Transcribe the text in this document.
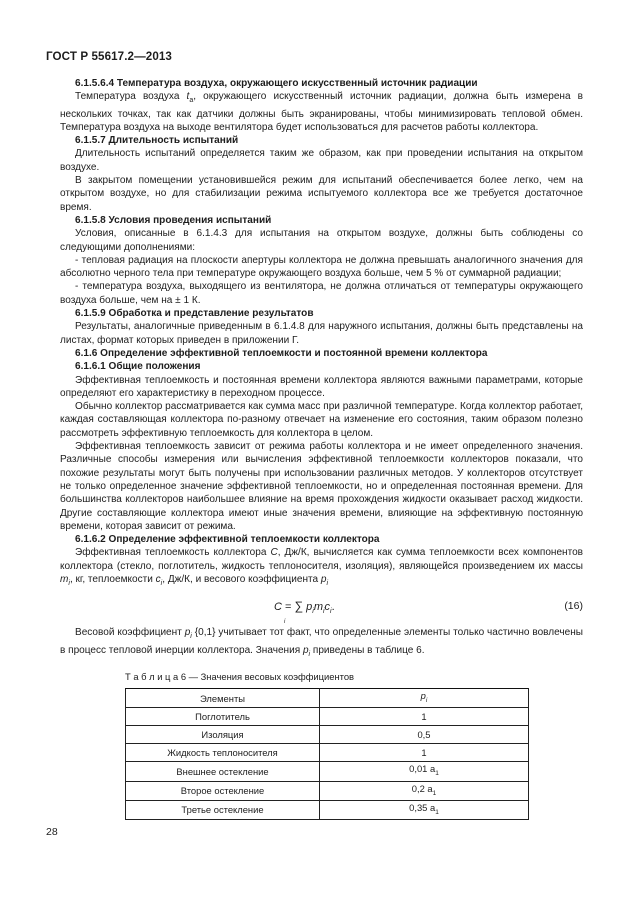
ГОСТ Р 55617.2—2013

6.1.5.6.4 Температура воздуха, окружающего искусственный источник радиации

Температура воздуха $t_a$, окружающего искусственный источник радиации, должна быть измерена в нескольких точках, так как датчики должны быть экранированы, чтобы минимизировать тепловой обмен. Температура воздуха на выходе вентилятора будет использоваться для расчетов работы коллектора.

6.1.5.7 Длительность испытаний

Длительность испытаний определяется таким же образом, как при проведении испытания на открытом воздухе.

В закрытом помещении установившейся режим для испытаний обеспечивается более легко, чем на открытом воздухе, но для стабилизации режима испытуемого коллектора все же требуется достаточное время.

6.1.5.8 Условия проведения испытаний

Условия, описанные в 6.1.4.3 для испытания на открытом воздухе, должны быть соблюдены со следующими дополнениями:

- тепловая радиация на плоскости апертуры коллектора не должна превышать аналогичного значения для абсолютно черного тела при температуре окружающего воздуха больше, чем 5 % от суммарной радиации;

- температура воздуха, выходящего из вентилятора, не должна отличаться от температуры окружающего воздуха больше, чем на ± 1 К.

6.1.5.9 Обработка и представление результатов

Результаты, аналогичные приведенным в 6.1.4.8 для наружного испытания, должны быть представлены на листах, формат которых приведен в приложении Г.

6.1.6 Определение эффективной теплоемкости и постоянной времени коллектора

6.1.6.1 Общие положения

Эффективная теплоемкость и постоянная времени коллектора являются важными параметрами, которые определяют его характеристику в переходном процессе.

Обычно коллектор рассматривается как сумма масс при различной температуре. Когда коллектор работает, каждая составляющая коллектора по-разному отвечает на изменение его состояния, таким образом полезно рассмотреть эффективную теплоемкость для коллектора в целом.

Эффективная теплоемкость зависит от режима работы коллектора и не имеет определенного значения. Различные способы измерения или вычисления эффективной теплоемкости коллекторов показали, что похожие результаты могут быть получены при использовании различных методов. У коллекторов отсутствует не только определенное значение эффективной теплоемкости, но и определенная постоянная времени. Для большинства коллекторов наибольшее влияние на время прохождения жидкости оказывает расход жидкости. Другие составляющие коллектора имеют иные значения времени, влияющие на эффективную постоянную времени, которая зависит от режима.

6.1.6.2 Определение эффективной теплоемкости коллектора

Эффективная теплоемкость коллектора C, Дж/К, вычисляется как сумма теплоемкости всех компонентов коллектора (стекло, поглотитель, жидкость теплоносителя, изоляция), являющейся произведением их массы $m_i$, кг, теплоемкости $c_i$, Дж/К, и весового коэффициента $p_i$

C = ∑
i
$p_im_ic_i$.	(16)

Весовой коэффициент $p_i$ {0,1} учитывает тот факт, что определенные элементы только частично вовлечены в процесс тепловой инерции коллектора. Значения $p_i$ приведены в таблице 6.

Т а б л и ц а 6 — Значения весовых коэффициентов
Элементы	$p_i$
Поглотитель	1
Изоляция	0,5
Жидкость теплоносителя	1
Внешнее остекление	0,01 $a_1$
Второе остекление	0,2 $a_1$
Третье остекление	0,35 $a_1$
28
